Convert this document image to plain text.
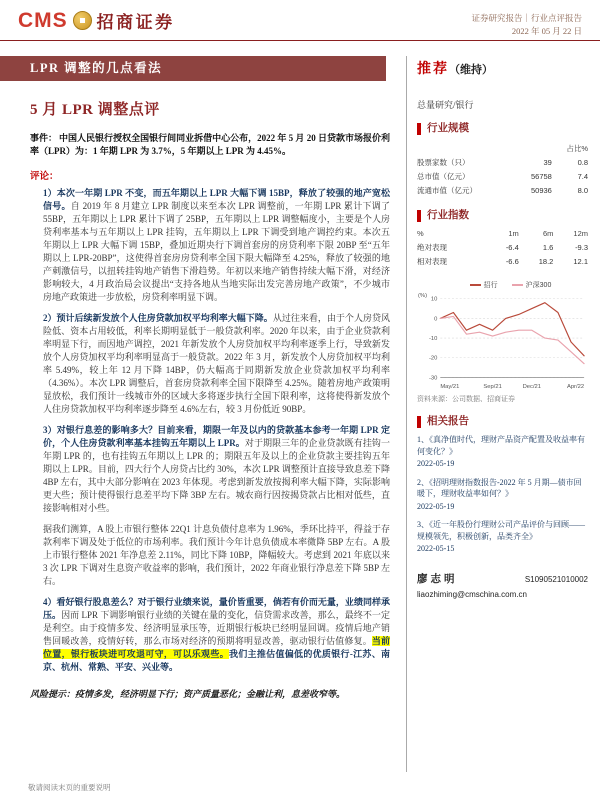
CMS 招商证券	证券研究报告｜行业点评报告
2022 年 05 月 22 日
LPR 调整的几点看法
5 月 LPR 调整点评

事件： 中国人民银行授权全国银行间同业拆借中心公布，2022 年 5 月 20 日贷款市场报价利率（LPR）为：1 年期 LPR 为 3.7%，5 年期以上 LPR 为 4.45%。

评论：

1）本次一年期 LPR 不变，而五年期以上 LPR 大幅下调 15BP，释放了较强的地产宽松信号。自 2019 年 8 月建立 LPR 制度以来至本次 LPR 调整前，一年期 LPR 累计下调了 55BP，五年期以上 LPR 累计下调了 25BP，五年期以上 LPR 调整幅度小，主要是个人房贷利率基本与五年期以上 LPR 挂钩，五年期以上 LPR 下调受到地产调控约束。本次五年期以上 LPR 大幅下调 15BP，叠加近期央行下调首套房的房贷利率下限 20BP 至“五年期以上 LPR-20BP”，这使得首套房房贷利率全国下限大幅降至 4.25%，释放了较强的地产刺激信号，以扭转挂钩地产销售下滑趋势。年初以来地产销售持续大幅下滑，对经济影响较大，4 月政治局会议提出“支持各地从当地实际出发完善房地产政策”，不少城市房地产政策进一步放松，房贷利率明显下调。

2）预计后续新发放个人住房贷款加权平均利率大幅下降。从过往来看，由于个人房贷风险低、资本占用较低，利率长期明显低于一般贷款利率。2020 年以来，由于企业贷款利率明显下行，而因地产调控，2021 年新发放个人房贷加权平均利率逐季上行，导致新发放个人房贷加权平均利率明显高于一般贷款。2022 年 3 月，新发放个人房贷加权平均利率 5.49%，较上年 12 月下降 14BP，仍大幅高于同期新发放企业贷款加权平均利率（4.36%）。本次 LPR 调整后，首套房贷款利率全国下限降至 4.25%。随着房地产政策明显放松，我们预计一线城市外的区域大多将逐步执行全国下限利率，这将使得新发放个人住房贷款加权平均利率逐步降至 4.6%左右，较 3 月份低近 90BP。

3）对银行息差的影响多大？目前来看，期限一年及以内的贷款基本参考一年期 LPR 定价，个人住房贷款利率基本挂钩五年期以上 LPR。对于期限三年的企业贷款既有挂钩一年期 LPR 的，也有挂钩五年期以上 LPR 的；期限五年及以上的企业贷款主要挂钩五年期以上 LPR。目前，四大行个人房贷占比约 30%，本次 LPR 调整预计直接导致息差下降 4BP 左右，其中大部分影响在 2023 年体现。考虑到新发放按揭利率大幅下降，实际影响更大些；预计使得银行息差平均下降 3BP 左右。城农商行因按揭贷款占比相对低些，直接影响相对小些。

据我们测算，A 股上市银行整体 22Q1 计息负债付息率为 1.96%，季环比持平，得益于存款利率下调及处于低位的市场利率。我们预计今年计息负债成本率微降 5BP 左右。A 股上市银行整体 2021 年净息差 2.11%，同比下降 10BP，降幅较大。考虑到 2021 年底以来 3 次 LPR 下调对生息资产收益率的影响，我们预计，2022 年商业银行净息差下降 5BP 左右。

4）看好银行股息差么？对于银行业绩来说，量价皆重要，倘若有价而无量，业绩同样承压。因而 LPR 下调影响银行业绩的关键在量的变化，信贷需求改善，那么，最终不一定是利空。由于疫情多发、经济明显承压等，近期银行板块已经明显回调。疫情后地产销售回暖改善，疫情好转，那么市场对经济的预期将明显改善，驱动银行估值修复。当前位置，银行板块进可攻退可守，可以乐观些。我们主推估值偏低的优质银行-江苏、南京、杭州、常熟、平安、兴业等。

风险提示：疫情多发，经济明显下行；资产质量恶化；金融让利，息差收窄等。

推荐（维持）
总量研究/银行
行业规模
		占比%
股票家数（只）	39	0.8
总市值（亿元）	56758	7.4
流通市值（亿元）	50936	8.0
行业指数
%	1m	6m	12m
绝对表现	-6.4	1.6	-9.3
相对表现	-6.6	18.2	12.1
招行	沪深300
10
0
-10
-20
-30
May/21	Sep/21	Dec/21	Apr/22
(%)
资料来源：公司数据、招商证券
相关报告
1、《真净值时代，理财产品资产配置及收益率有何变化？》
2022-05-19
2、《招明理财指数报告-2022 年 5 月期—债市回暖下，理财收益率如何？》
2022-05-19
3、《近一年股份行理财公司产品评价与回顾——规模领先，积极创新，品类齐全》
2022-05-15
廖志明	S1090521010002
liaozhiming@cmschina.com.cn
敬请阅读末页的重要说明
